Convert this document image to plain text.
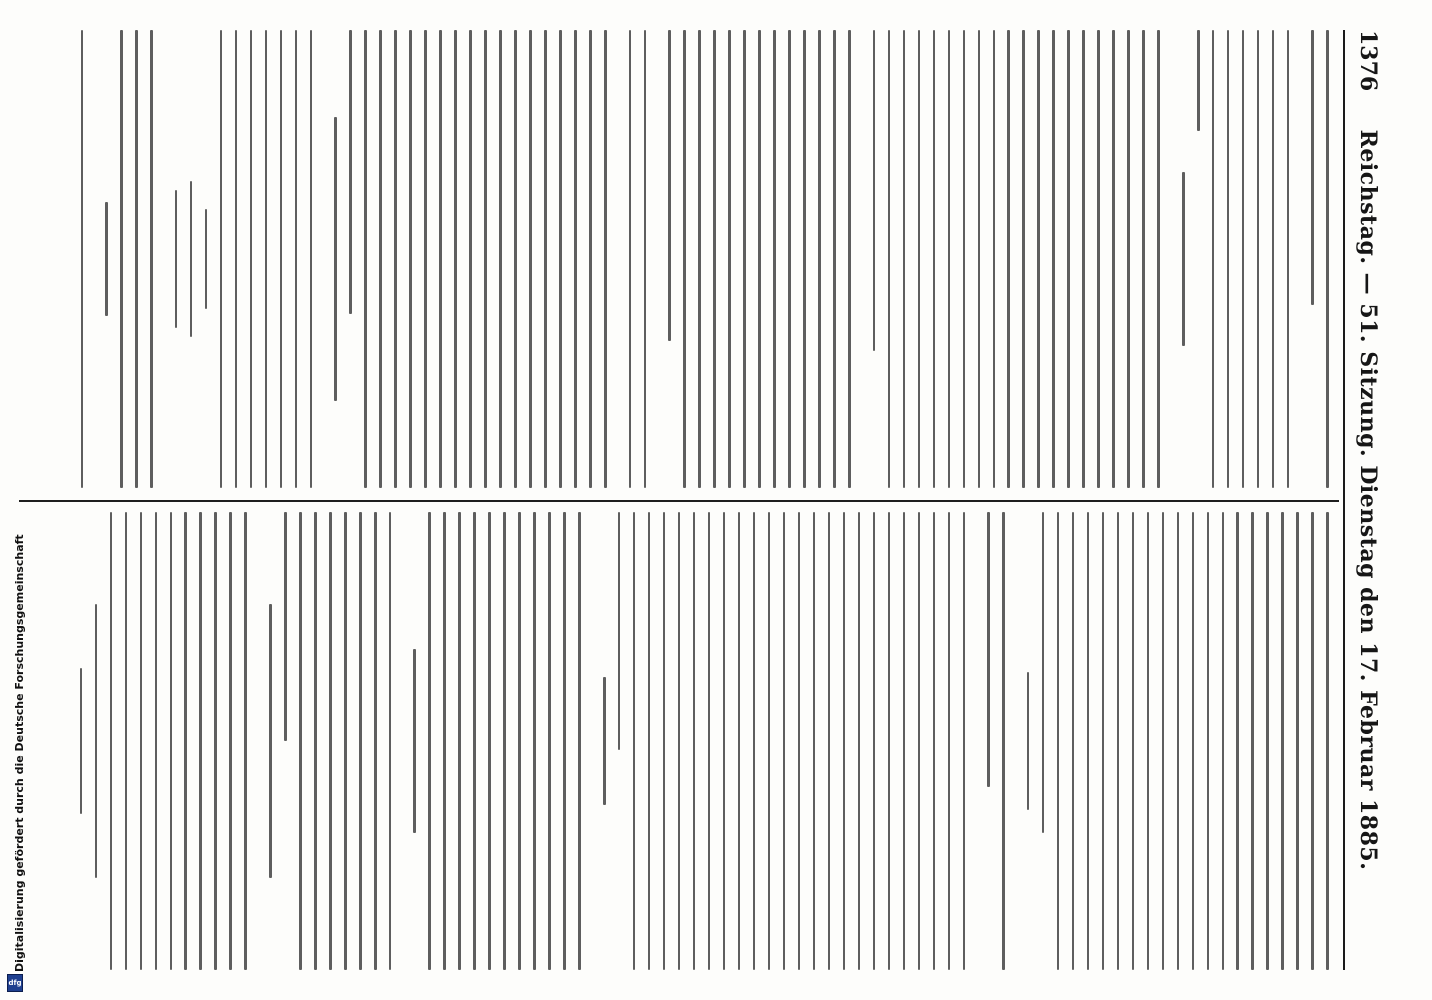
1376
Reichstag. — 51. Sitzung. Dienstag den 17. Februar 1885.
Digitalisierung gefördert durch die Deutsche Forschungsgemeinschaft
dfg
